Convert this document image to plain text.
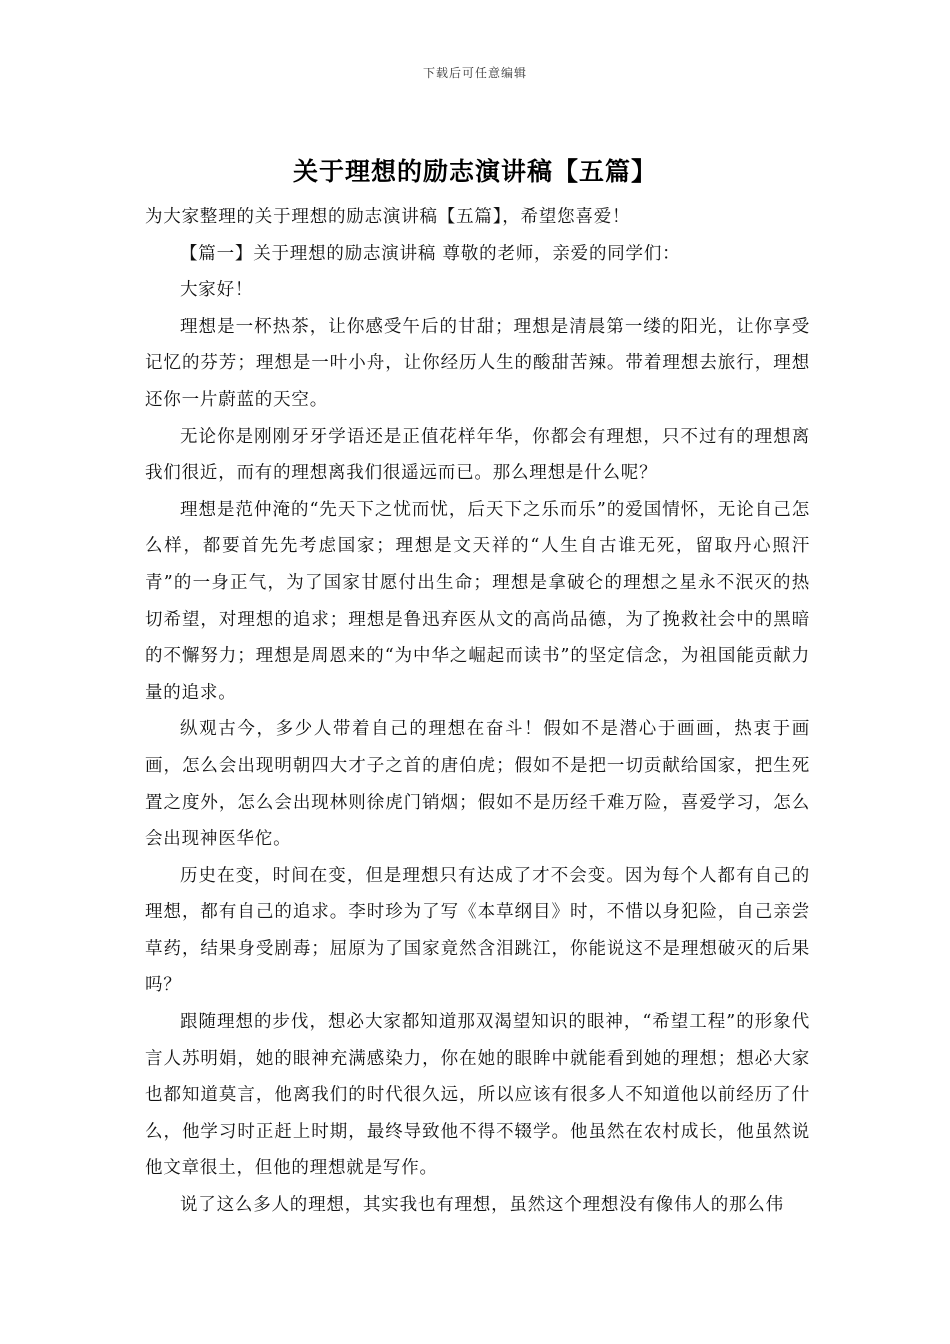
下载后可任意编辑
关于理想的励志演讲稿【五篇】

为大家整理的关于理想的励志演讲稿【五篇】，希望您喜爱！

【篇一】关于理想的励志演讲稿 尊敬的老师，亲爱的同学们：

大家好！

理想是一杯热茶，让你感受午后的甘甜；理想是清晨第一缕的阳光，让你享受记忆的芬芳；理想是一叶小舟，让你经历人生的酸甜苦辣。带着理想去旅行，理想还你一片蔚蓝的天空。

无论你是刚刚牙牙学语还是正值花样年华，你都会有理想，只不过有的理想离我们很近，而有的理想离我们很遥远而已。那么理想是什么呢？

理想是范仲淹的“先天下之忧而忧，后天下之乐而乐”的爱国情怀，无论自己怎么样，都要首先先考虑国家；理想是文天祥的“人生自古谁无死，留取丹心照汗青”的一身正气，为了国家甘愿付出生命；理想是拿破仑的理想之星永不泯灭的热切希望，对理想的追求；理想是鲁迅弃医从文的高尚品德，为了挽救社会中的黑暗的不懈努力；理想是周恩来的“为中华之崛起而读书”的坚定信念，为祖国能贡献力量的追求。

纵观古今，多少人带着自己的理想在奋斗！假如不是潜心于画画，热衷于画画，怎么会出现明朝四大才子之首的唐伯虎；假如不是把一切贡献给国家，把生死置之度外，怎么会出现林则徐虎门销烟；假如不是历经千难万险，喜爱学习，怎么会出现神医华佗。

历史在变，时间在变，但是理想只有达成了才不会变。因为每个人都有自己的理想，都有自己的追求。李时珍为了写《本草纲目》时，不惜以身犯险，自己亲尝草药，结果身受剧毒；屈原为了国家竟然含泪跳江，你能说这不是理想破灭的后果吗？

跟随理想的步伐，想必大家都知道那双渴望知识的眼神，“希望工程”的形象代言人苏明娟，她的眼神充满感染力，你在她的眼眸中就能看到她的理想；想必大家也都知道莫言，他离我们的时代很久远，所以应该有很多人不知道他以前经历了什么，他学习时正赶上时期，最终导致他不得不辍学。他虽然在农村成长，他虽然说他文章很土，但他的理想就是写作。

说了这么多人的理想，其实我也有理想，虽然这个理想没有像伟人的那么伟
